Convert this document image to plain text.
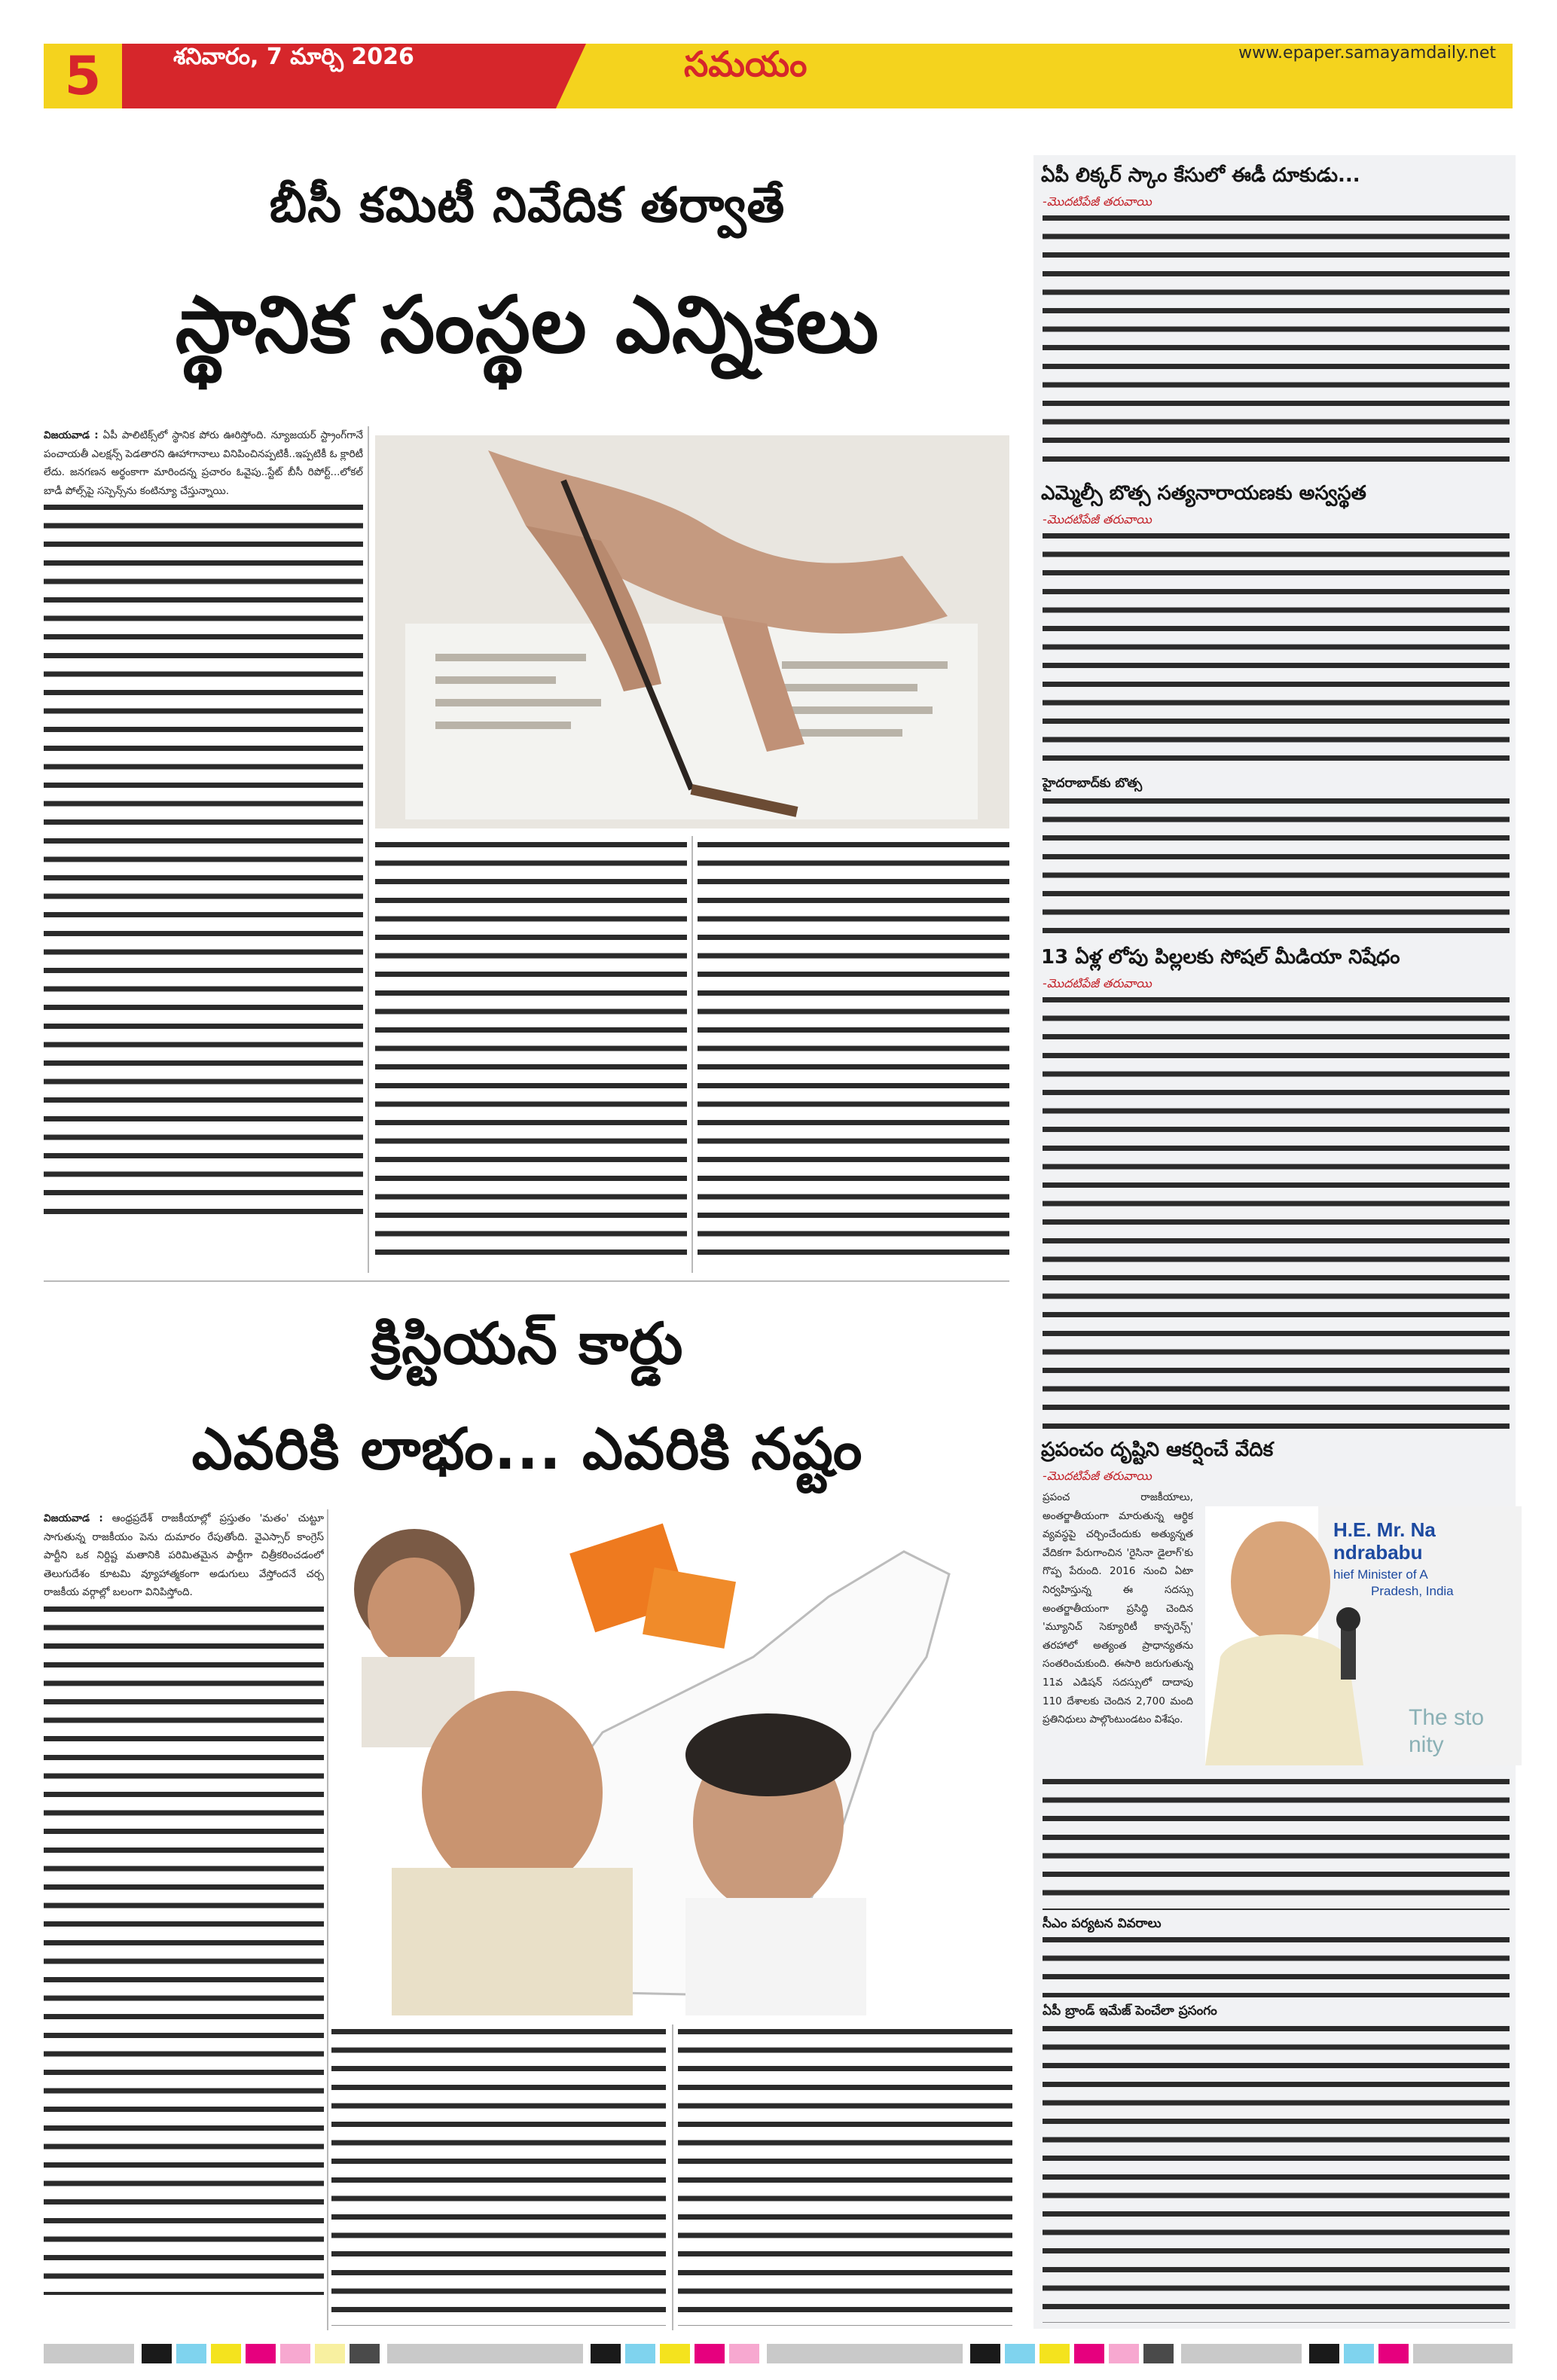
5	శనివారం, 7 మార్చి 2026	సమయం	www.epaper.samayamdaily.net
బీసీ కమిటీ నివేదిక తర్వాతే
స్థానిక సంస్థల ఎన్నికలు
విజయవాడ : ఏపీ పాలిటిక్స్‌లో స్థానిక పోరు ఊరిస్తోంది. న్యూజయర్ స్ట్రాంగ్‌గానే పంచాయతీ ఎలక్షన్స్ పెడతారని ఊహాగానాలు వినిపించినప్పటికీ..ఇప్పటికీ ఓ క్లారిటీ లేదు. జనగణన అర్థంకాగా మారిందన్న ప్రచారం ఓవైపు..స్టేట్ బీసీ రిపోర్ట్...లోకల్ బాడీ పోల్స్‌పై సస్పెన్స్‌ను కంటిన్యూ చేస్తున్నాయి.
క్రిస్టియన్ కార్డు
ఎవరికి లాభం... ఎవరికి నష్టం
విజయవాడ : ఆంధ్రప్రదేశ్ రాజకీయాల్లో ప్రస్తుతం 'మతం' చుట్టూ సాగుతున్న రాజకీయం పెను దుమారం రేపుతోంది. వైఎస్సార్ కాంగ్రెస్ పార్టీని ఒక నిర్దిష్ట మతానికి పరిమితమైన పార్టీగా చిత్రీకరించడంలో తెలుగుదేశం కూటమి వ్యూహాత్మకంగా అడుగులు వేస్తోందనే చర్చ రాజకీయ వర్గాల్లో బలంగా వినిపిస్తోంది.
ఏపీ లిక్కర్ స్కాం కేసులో ఈడీ దూకుడు...
-మొదటిపేజీ తరువాయి
ఎమ్మెల్సీ బొత్స సత్యనారాయణకు అస్వస్థత
-మొదటిపేజీ తరువాయి
హైదరాబాద్‌కు బొత్స
13 ఏళ్ల లోపు పిల్లలకు సోషల్ మీడియా నిషేధం
-మొదటిపేజీ తరువాయి
ప్రపంచం దృష్టిని ఆకర్షించే వేదిక
-మొదటిపేజీ తరువాయి
ప్రపంచ రాజకీయాలు, అంతర్జాతీయంగా మారుతున్న ఆర్థిక వ్యవస్థపై చర్చించేందుకు అత్యున్నత వేదికగా పేరుగాంచిన 'రైసినా డైలాగ్'కు గొప్ప పేరుంది. 2016 నుంచి ఏటా నిర్వహిస్తున్న ఈ సదస్సు అంతర్జాతీయంగా ప్రసిద్ధి చెందిన 'మ్యూనిచ్ సెక్యూరిటీ కాన్ఫరెన్స్' తరహాలో అత్యంత ప్రాధాన్యతను సంతరించుకుంది. ఈసారి జరుగుతున్న 11వ ఎడిషన్ సదస్సులో దాదాపు 110 దేశాలకు చెందిన 2,700 మంది ప్రతినిధులు పాల్గొంటుండటం విశేషం.
H.E. Mr. Na
ndrababu
hief Minister of A
Pradesh, India
The sto
nity
సీఎం పర్యటన వివరాలు
ఏపీ బ్రాండ్ ఇమేజ్ పెంచేలా ప్రసంగం
